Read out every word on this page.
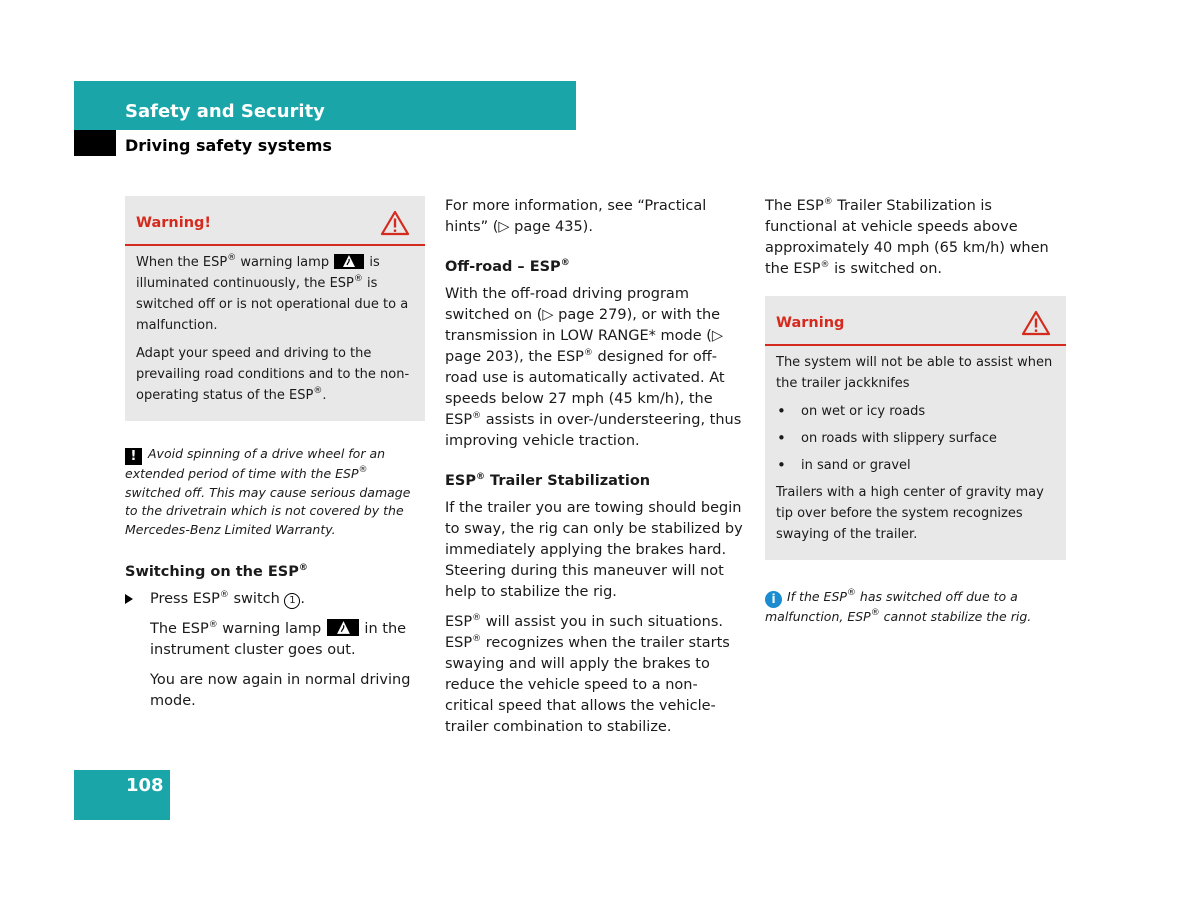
Safety and Security
Driving safety systems
Warning!

When the ESP® warning lamp
is illuminated continuously, the ESP® is switched off or is not operational due to a malfunction.

Adapt your speed and driving to the prevailing road conditions and to the non-operating status of the ESP®.

! Avoid spinning of a drive wheel for an extended period of time with the ESP® switched off. This may cause serious damage to the drivetrain which is not covered by the Mercedes-Benz Limited Warranty.

Switching on the ESP®

Press ESP® switch 1 .

The ESP® warning lamp
in the instrument cluster goes out.

You are now again in normal driving mode.

For more information, see “Practical hints” (▷ page 435).

Off-road – ESP®

With the off-road driving program switched on (▷ page 279), or with the transmission in LOW RANGE* mode (▷ page 203), the ESP® designed for off-road use is automatically activated. At speeds below 27 mph (45 km/h), the ESP® assists in over-/understeering, thus improving vehicle traction.

ESP® Trailer Stabilization

If the trailer you are towing should begin to sway, the rig can only be stabilized by immediately applying the brakes hard. Steering during this maneuver will not help to stabilize the rig.

ESP® will assist you in such situations. ESP® recognizes when the trailer starts swaying and will apply the brakes to reduce the vehicle speed to a non-critical speed that allows the vehicle-trailer combination to stabilize.

The ESP® Trailer Stabilization is functional at vehicle speeds above approximately 40 mph (65 km/h) when the ESP® is switched on.

Warning

The system will not be able to assist when the trailer jackknifes

• on wet or icy roads
• on roads with slippery surface
• in sand or gravel

Trailers with a high center of gravity may tip over before the system recognizes swaying of the trailer.

i If the ESP® has switched off due to a malfunction, ESP® cannot stabilize the rig.
108
